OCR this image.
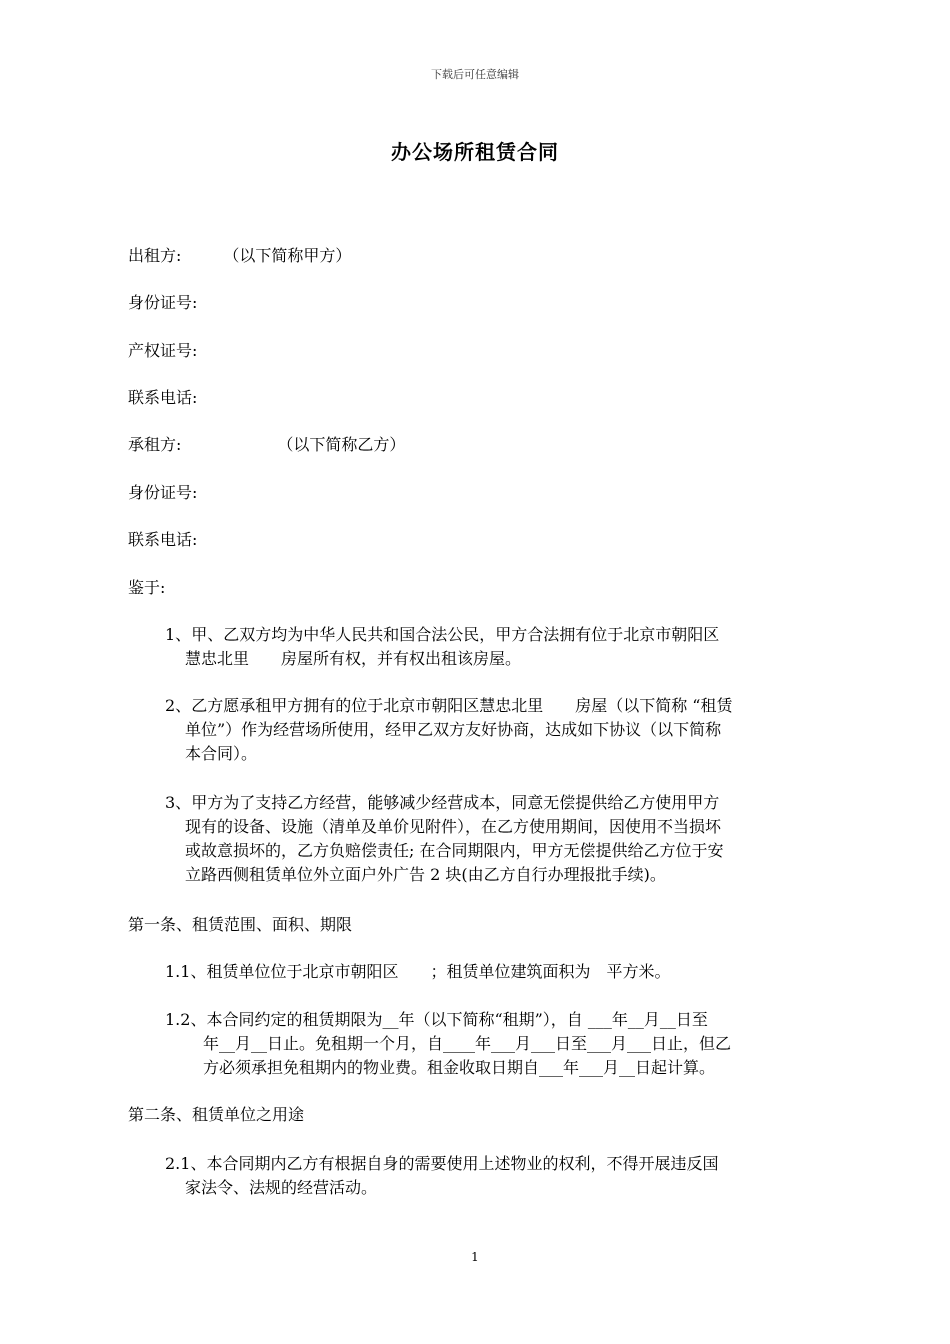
下载后可任意编辑
办公场所租赁合同
出租方:	（以下简称甲方）
身份证号:
产权证号:
联系电话:
承租方:	（以下简称乙方）
身份证号:
联系电话:
鉴于:
1、甲、乙双方均为中华人民共和国合法公民，甲方合法拥有位于北京市朝阳区
慧忠北里　　房屋所有权，并有权出租该房屋。
2、乙方愿承租甲方拥有的位于北京市朝阳区慧忠北里　　房屋（以下简称 “租赁
单位”）作为经营场所使用，经甲乙双方友好协商，达成如下协议（以下简称
本合同）。
3、甲方为了支持乙方经营，能够减少经营成本，同意无偿提供给乙方使用甲方
现有的设备、设施（清单及单价见附件），在乙方使用期间，因使用不当损坏
或故意损坏的，乙方负赔偿责任; 在合同期限内，甲方无偿提供给乙方位于安
立路西侧租赁单位外立面户外广告 2 块(由乙方自行办理报批手续)。
第一条、租赁范围、面积、期限
1.1、租赁单位位于北京市朝阳区　　；租赁单位建筑面积为　平方米。
1.2、本合同约定的租赁期限为__年（以下简称“租期”），自 ___年__月__日至
年__月__日止。免租期一个月，自____年___月___日至___月___日止，但乙
方必须承担免租期内的物业费。租金收取日期自___年___月__日起计算。
第二条、租赁单位之用途
2.1、本合同期内乙方有根据自身的需要使用上述物业的权利，不得开展违反国
家法令、法规的经营活动。
1
